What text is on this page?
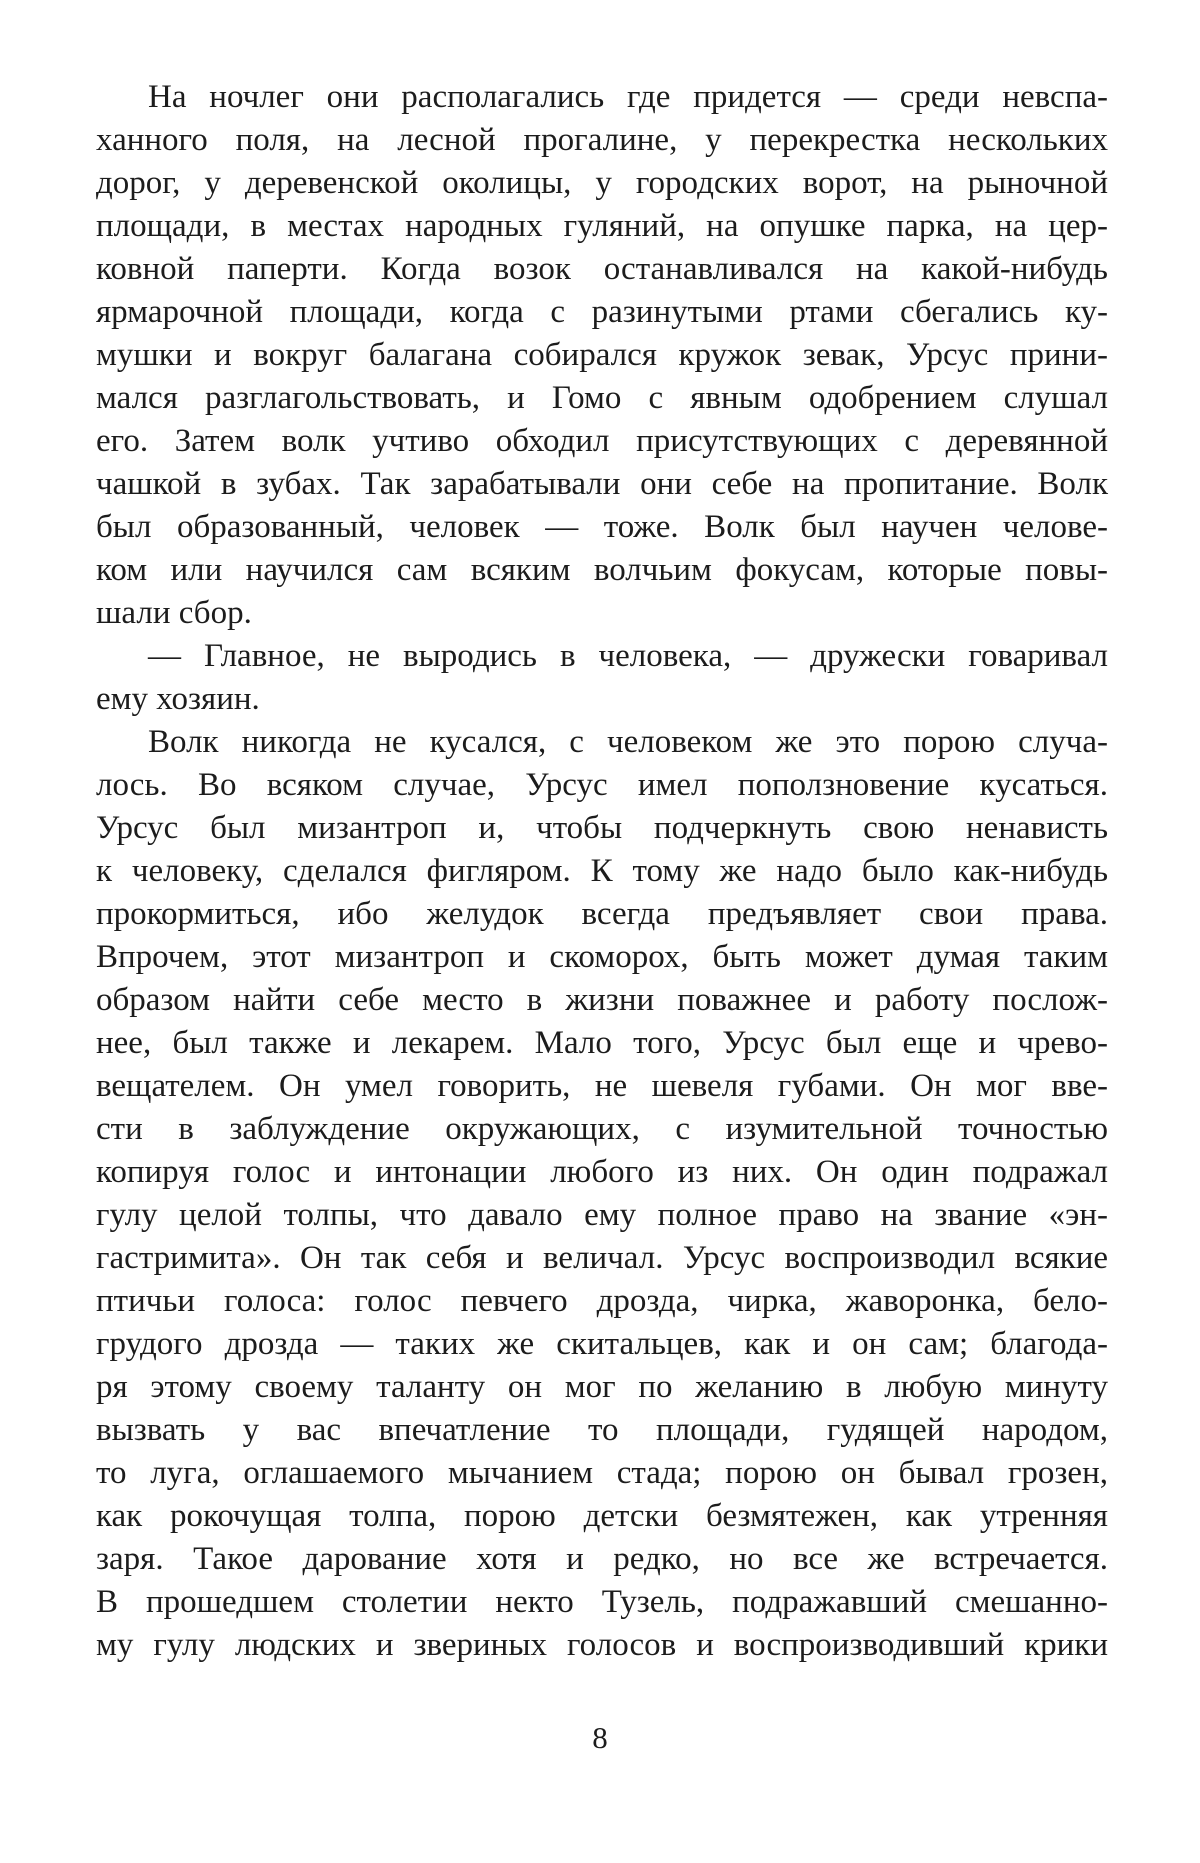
На ночлег они располагались где придется — среди невспа-
ханного поля, на лесной прогалине, у перекрестка нескольких
дорог, у деревенской околицы, у городских ворот, на рыночной
площади, в местах народных гуляний, на опушке парка, на цер-
ковной паперти. Когда возок останавливался на какой-нибудь
ярмарочной площади, когда с разинутыми ртами сбегались ку-
мушки и вокруг балагана собирался кружок зевак, Урсус прини-
мался разглагольствовать, и Гомо с явным одобрением слушал
его. Затем волк учтиво обходил присутствующих с деревянной
чашкой в зубах. Так зарабатывали они себе на пропитание. Волк
был образованный, человек — тоже. Волк был научен челове-
ком или научился сам всяким волчьим фокусам, которые повы-
шали сбор.
— Главное, не выродись в человека, — дружески говаривал
ему хозяин.
Волк никогда не кусался, с человеком же это порою случа-
лось. Во всяком случае, Урсус имел поползновение кусаться.
Урсус был мизантроп и, чтобы подчеркнуть свою ненависть
к человеку, сделался фигляром. К тому же надо было как-нибудь
прокормиться, ибо желудок всегда предъявляет свои права.
Впрочем, этот мизантроп и скоморох, быть может думая таким
образом найти себе место в жизни поважнее и работу послож-
нее, был также и лекарем. Мало того, Урсус был еще и чрево-
вещателем. Он умел говорить, не шевеля губами. Он мог вве-
сти в заблуждение окружающих, с изумительной точностью
копируя голос и интонации любого из них. Он один подражал
гулу целой толпы, что давало ему полное право на звание «эн-
гастримита». Он так себя и величал. Урсус воспроизводил всякие
птичьи голоса: голос певчего дрозда, чирка, жаворонка, бело-
грудого дрозда — таких же скитальцев, как и он сам; благода-
ря этому своему таланту он мог по желанию в любую минуту
вызвать у вас впечатление то площади, гудящей народом,
то луга, оглашаемого мычанием стада; порою он бывал грозен,
как рокочущая толпа, порою детски безмятежен, как утренняя
заря. Такое дарование хотя и редко, но все же встречается.
В прошедшем столетии некто Тузель, подражавший смешанно-
му гулу людских и звериных голосов и воспроизводивший крики
8
